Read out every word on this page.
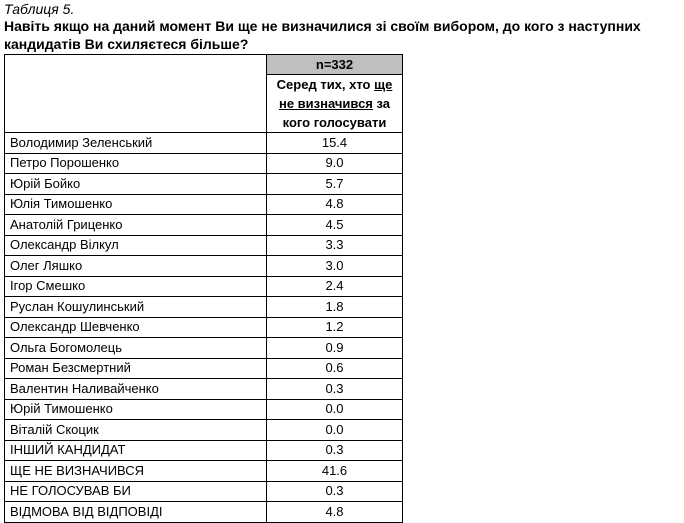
Таблиця 5.
Навіть якщо на даний момент Ви ще не визначилися зі своїм вибором, до кого з наступних кандидатів Ви схиляєтеся більше?
	n=332
	Серед тих, хто ще не визначився за кого голосувати
Володимир Зеленський	15.4
Петро Порошенко	9.0
Юрій Бойко	5.7
Юлія Тимошенко	4.8
Анатолій Гриценко	4.5
Олександр Вілкул	3.3
Олег Ляшко	3.0
Ігор Смешко	2.4
Руслан Кошулинський	1.8
Олександр Шевченко	1.2
Ольга Богомолець	0.9
Роман Безсмертний	0.6
Валентин Наливайченко	0.3
Юрій Тимошенко	0.0
Віталій Скоцик	0.0
ІНШИЙ КАНДИДАТ	0.3
ЩЕ НЕ ВИЗНАЧИВСЯ	41.6
НЕ ГОЛОСУВАВ БИ	0.3
ВІДМОВА ВІД ВІДПОВІДІ	4.8
